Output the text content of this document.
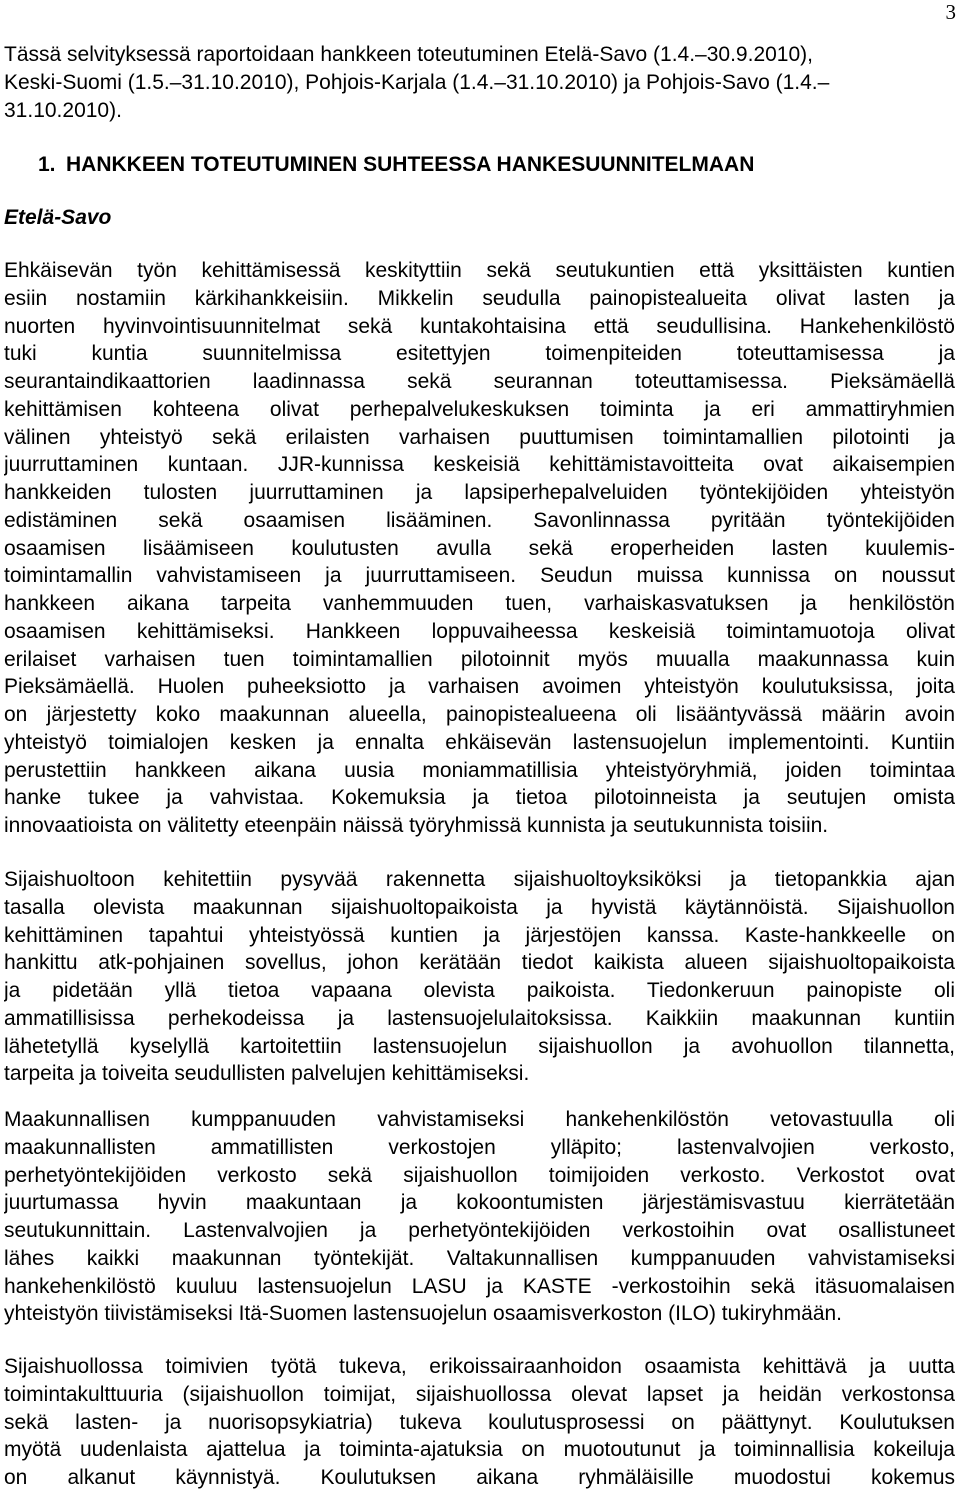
3
Tässä selvityksessä raportoidaan hankkeen toteutuminen Etelä-Savo (1.4.–30.9.2010),
Keski-Suomi (1.5.–31.10.2010), Pohjois-Karjala (1.4.–31.10.2010) ja Pohjois-Savo (1.4.–
31.10.2010).
1. HANKKEEN TOTEUTUMINEN SUHTEESSA HANKESUUNNITELMAAN
Etelä-Savo
Ehkäisevän työn kehittämisessä keskityttiin sekä seutukuntien että yksittäisten kuntien
esiin nostamiin kärkihankkeisiin. Mikkelin seudulla painopistealueita olivat lasten ja
nuorten hyvinvointisuunnitelmat sekä kuntakohtaisina että seudullisina. Hankehenkilöstö
tuki kuntia suunnitelmissa esitettyjen toimenpiteiden toteuttamisessa ja
seurantaindikaattorien laadinnassa sekä seurannan toteuttamisessa. Pieksämäellä
kehittämisen kohteena olivat perhepalvelukeskuksen toiminta ja eri ammattiryhmien
välinen yhteistyö sekä erilaisten varhaisen puuttumisen toimintamallien pilotointi ja
juurruttaminen kuntaan. JJR-kunnissa keskeisiä kehittämistavoitteita ovat aikaisempien
hankkeiden tulosten juurruttaminen ja lapsiperhepalveluiden työntekijöiden yhteistyön
edistäminen sekä osaamisen lisääminen. Savonlinnassa pyritään työntekijöiden
osaamisen lisäämiseen koulutusten avulla sekä eroperheiden lasten kuulemis-
toimintamallin vahvistamiseen ja juurruttamiseen. Seudun muissa kunnissa on noussut
hankkeen aikana tarpeita vanhemmuuden tuen, varhaiskasvatuksen ja henkilöstön
osaamisen kehittämiseksi. Hankkeen loppuvaiheessa keskeisiä toimintamuotoja olivat
erilaiset varhaisen tuen toimintamallien pilotoinnit myös muualla maakunnassa kuin
Pieksämäellä. Huolen puheeksiotto ja varhaisen avoimen yhteistyön koulutuksissa, joita
on järjestetty koko maakunnan alueella, painopistealueena oli lisääntyvässä määrin avoin
yhteistyö toimialojen kesken ja ennalta ehkäisevän lastensuojelun implementointi. Kuntiin
perustettiin hankkeen aikana uusia moniammatillisia yhteistyöryhmiä, joiden toimintaa
hanke tukee ja vahvistaa. Kokemuksia ja tietoa pilotoinneista ja seutujen omista
innovaatioista on välitetty eteenpäin näissä työryhmissä kunnista ja seutukunnista toisiin.
Sijaishuoltoon kehitettiin pysyvää rakennetta sijaishuoltoyksiköksi ja tietopankkia ajan
tasalla olevista maakunnan sijaishuoltopaikoista ja hyvistä käytännöistä. Sijaishuollon
kehittäminen tapahtui yhteistyössä kuntien ja järjestöjen kanssa. Kaste-hankkeelle on
hankittu atk-pohjainen sovellus, johon kerätään tiedot kaikista alueen sijaishuoltopaikoista
ja pidetään yllä tietoa vapaana olevista paikoista. Tiedonkeruun painopiste oli
ammatillisissa perhekodeissa ja lastensuojelulaitoksissa. Kaikkiin maakunnan kuntiin
lähetetyllä kyselyllä kartoitettiin lastensuojelun sijaishuollon ja avohuollon tilannetta,
tarpeita ja toiveita seudullisten palvelujen kehittämiseksi.
Maakunnallisen kumppanuuden vahvistamiseksi hankehenkilöstön vetovastuulla oli
maakunnallisten ammatillisten verkostojen ylläpito; lastenvalvojien verkosto,
perhetyöntekijöiden verkosto sekä sijaishuollon toimijoiden verkosto. Verkostot ovat
juurtumassa hyvin maakuntaan ja kokoontumisten järjestämisvastuu kierrätetään
seutukunnittain. Lastenvalvojien ja perhetyöntekijöiden verkostoihin ovat osallistuneet
lähes kaikki maakunnan työntekijät. Valtakunnallisen kumppanuuden vahvistamiseksi
hankehenkilöstö kuuluu lastensuojelun LASU ja KASTE -verkostoihin sekä itäsuomalaisen
yhteistyön tiivistämiseksi Itä-Suomen lastensuojelun osaamisverkoston (ILO) tukiryhmään.
Sijaishuollossa toimivien työtä tukeva, erikoissairaanhoidon osaamista kehittävä ja uutta
toimintakulttuuria (sijaishuollon toimijat, sijaishuollossa olevat lapset ja heidän verkostonsa
sekä lasten- ja nuorisopsykiatria) tukeva koulutusprosessi on päättynyt. Koulutuksen
myötä uudenlaista ajattelua ja toiminta-ajatuksia on muotoutunut ja toiminnallisia kokeiluja
on alkanut käynnistyä. Koulutuksen aikana ryhmäläisille muodostui kokemus
